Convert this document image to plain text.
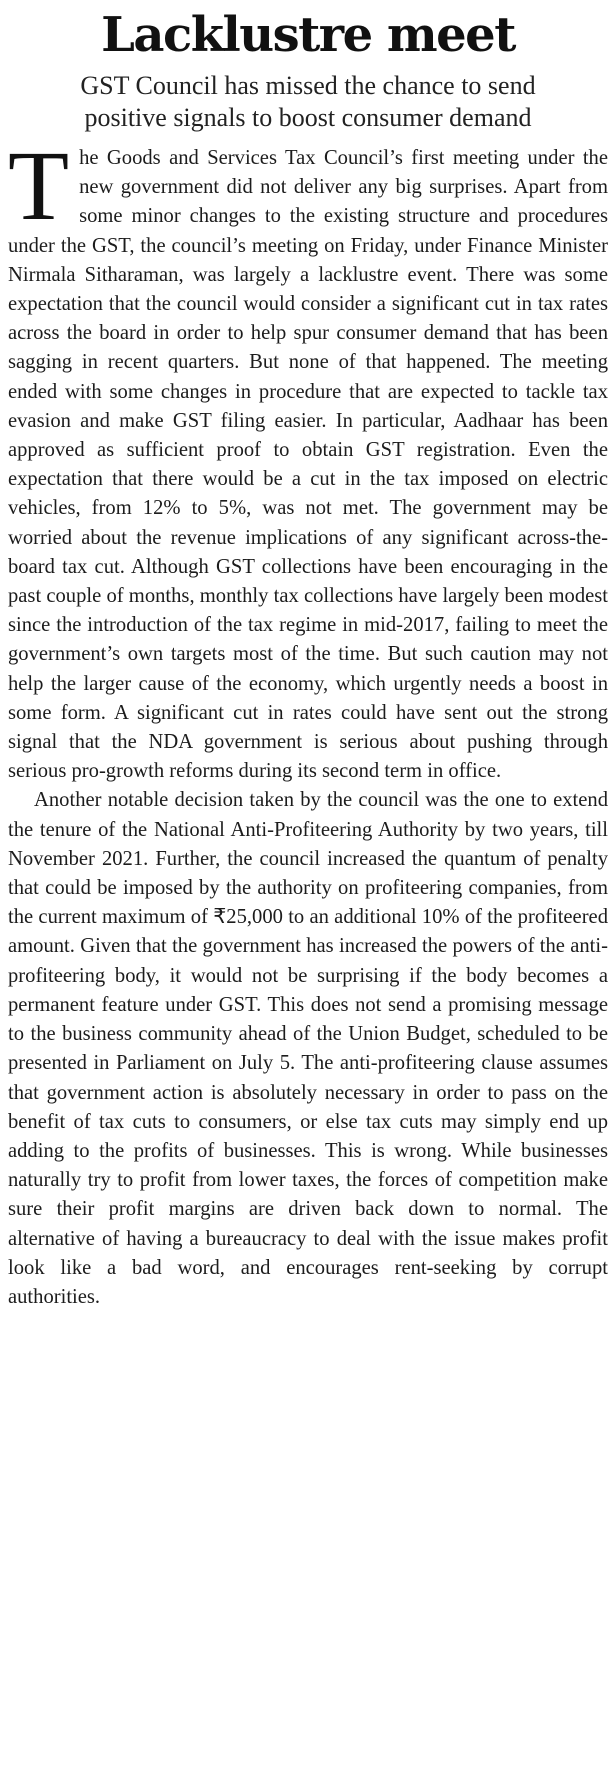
Lacklustre meet
GST Council has missed the chance to send
positive signals to boost consumer demand

The Goods and Services Tax Council’s first meeting under the new government did not deliver any big surprises. Apart from some minor changes to the existing structure and procedures under the GST, the council’s meeting on Friday, under Finance Minister Nirmala Sitharaman, was largely a lacklustre event. There was some expectation that the council would consider a significant cut in tax rates across the board in order to help spur consumer demand that has been sagging in recent quarters. But none of that happened. The meeting ended with some changes in procedure that are expected to tackle tax evasion and make GST filing easier. In particular, Aadhaar has been approved as sufficient proof to obtain GST registration. Even the expectation that there would be a cut in the tax imposed on electric vehicles, from 12% to 5%, was not met. The government may be worried about the revenue implications of any significant across-the-board tax cut. Although GST collections have been encouraging in the past couple of months, monthly tax collections have largely been modest since the introduction of the tax regime in mid-2017, failing to meet the government’s own targets most of the time. But such caution may not help the larger cause of the economy, which urgently needs a boost in some form. A significant cut in rates could have sent out the strong signal that the NDA government is serious about pushing through serious pro-growth reforms during its second term in office.

Another notable decision taken by the council was the one to extend the tenure of the National Anti-Profiteering Authority by two years, till November 2021. Further, the council increased the quantum of penalty that could be imposed by the authority on profiteering companies, from the current maximum of ₹25,000 to an additional 10% of the profiteered amount. Given that the government has increased the powers of the anti-profiteering body, it would not be surprising if the body becomes a permanent feature under GST. This does not send a promising message to the business community ahead of the Union Budget, scheduled to be presented in Parliament on July 5. The anti-profiteering clause assumes that government action is absolutely necessary in order to pass on the benefit of tax cuts to consumers, or else tax cuts may simply end up adding to the profits of businesses. This is wrong. While businesses naturally try to profit from lower taxes, the forces of competition make sure their profit margins are driven back down to normal. The alternative of having a bureaucracy to deal with the issue makes profit look like a bad word, and encourages rent-seeking by corrupt authorities.
